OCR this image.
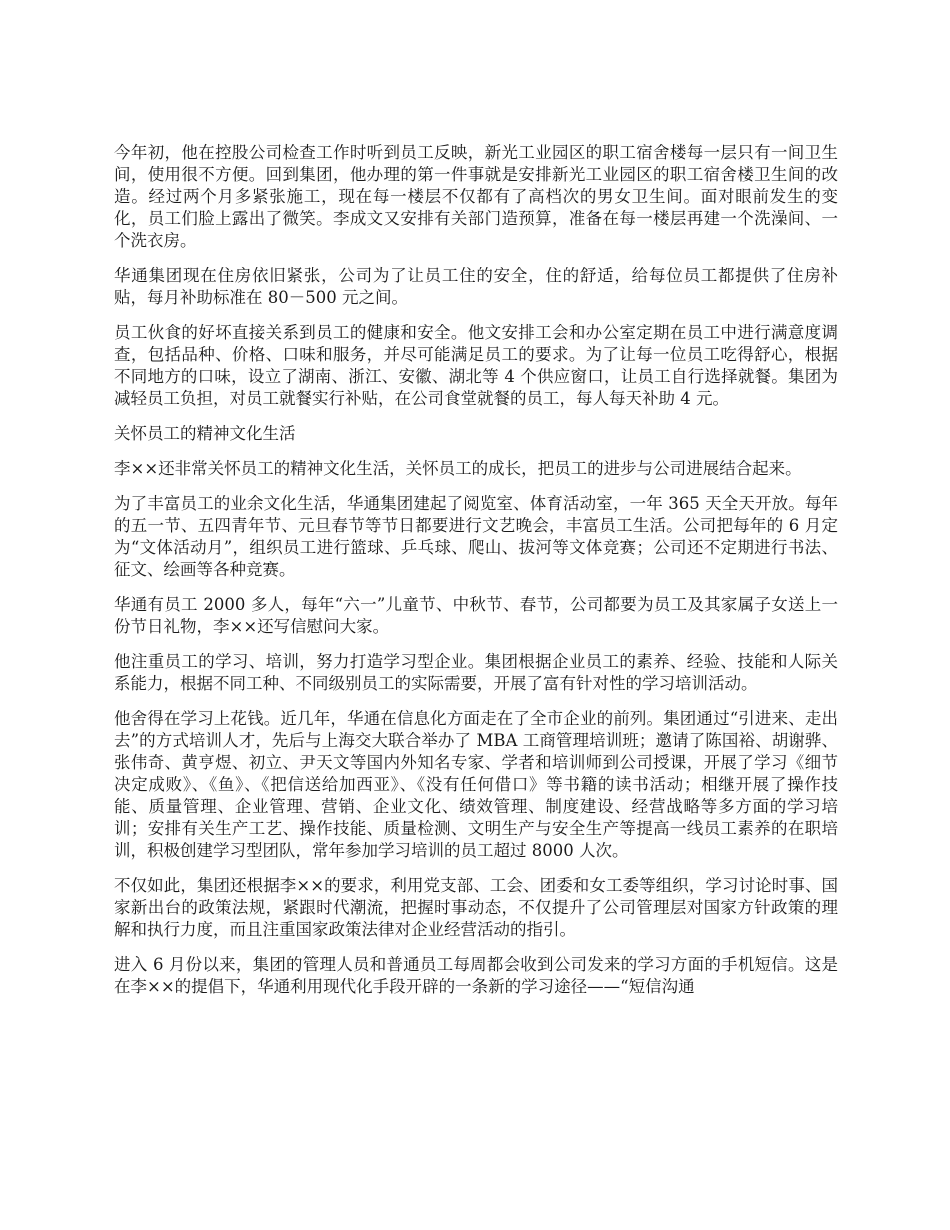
今年初，他在控股公司检查工作时听到员工反映，新光工业园区的职工宿舍楼每一层只有一间卫生间，使用很不方便。回到集团，他办理的第一件事就是安排新光工业园区的职工宿舍楼卫生间的改造。经过两个月多紧张施工，现在每一楼层不仅都有了高档次的男女卫生间。面对眼前发生的变化，员工们脸上露出了微笑。李成文又安排有关部门造预算，准备在每一楼层再建一个洗澡间、一个洗衣房。

华通集团现在住房依旧紧张，公司为了让员工住的安全，住的舒适，给每位员工都提供了住房补贴，每月补助标准在 80－500 元之间。

员工伙食的好坏直接关系到员工的健康和安全。他文安排工会和办公室定期在员工中进行满意度调查，包括品种、价格、口味和服务，并尽可能满足员工的要求。为了让每一位员工吃得舒心，根据不同地方的口味，设立了湖南、浙江、安徽、湖北等 4 个供应窗口，让员工自行选择就餐。集团为减轻员工负担，对员工就餐实行补贴，在公司食堂就餐的员工，每人每天补助 4 元。

关怀员工的精神文化生活

李××还非常关怀员工的精神文化生活，关怀员工的成长，把员工的进步与公司进展结合起来。

为了丰富员工的业余文化生活，华通集团建起了阅览室、体育活动室，一年 365 天全天开放。每年的五一节、五四青年节、元旦春节等节日都要进行文艺晚会，丰富员工生活。公司把每年的 6 月定为“文体活动月”，组织员工进行篮球、乒乓球、爬山、拔河等文体竞赛；公司还不定期进行书法、征文、绘画等各种竞赛。

华通有员工 2000 多人，每年“六一”儿童节、中秋节、春节，公司都要为员工及其家属子女送上一份节日礼物，李××还写信慰问大家。

他注重员工的学习、培训，努力打造学习型企业。集团根据企业员工的素养、经验、技能和人际关系能力，根据不同工种、不同级别员工的实际需要，开展了富有针对性的学习培训活动。

他舍得在学习上花钱。近几年，华通在信息化方面走在了全市企业的前列。集团通过“引进来、走出去”的方式培训人才，先后与上海交大联合举办了 MBA 工商管理培训班；邀请了陈国裕、胡谢骅、张伟奇、黄亨煜、初立、尹天文等国内外知名专家、学者和培训师到公司授课，开展了学习《细节决定成败》、《鱼》、《把信送给加西亚》、《没有任何借口》等书籍的读书活动；相继开展了操作技能、质量管理、企业管理、营销、企业文化、绩效管理、制度建设、经营战略等多方面的学习培训；安排有关生产工艺、操作技能、质量检测、文明生产与安全生产等提高一线员工素养的在职培训，积极创建学习型团队，常年参加学习培训的员工超过 8000 人次。

不仅如此，集团还根据李××的要求，利用党支部、工会、团委和女工委等组织，学习讨论时事、国家新出台的政策法规，紧跟时代潮流，把握时事动态，不仅提升了公司管理层对国家方针政策的理解和执行力度，而且注重国家政策法律对企业经营活动的指引。

进入 6 月份以来，集团的管理人员和普通员工每周都会收到公司发来的学习方面的手机短信。这是在李××的提倡下，华通利用现代化手段开辟的一条新的学习途径——“短信沟通
